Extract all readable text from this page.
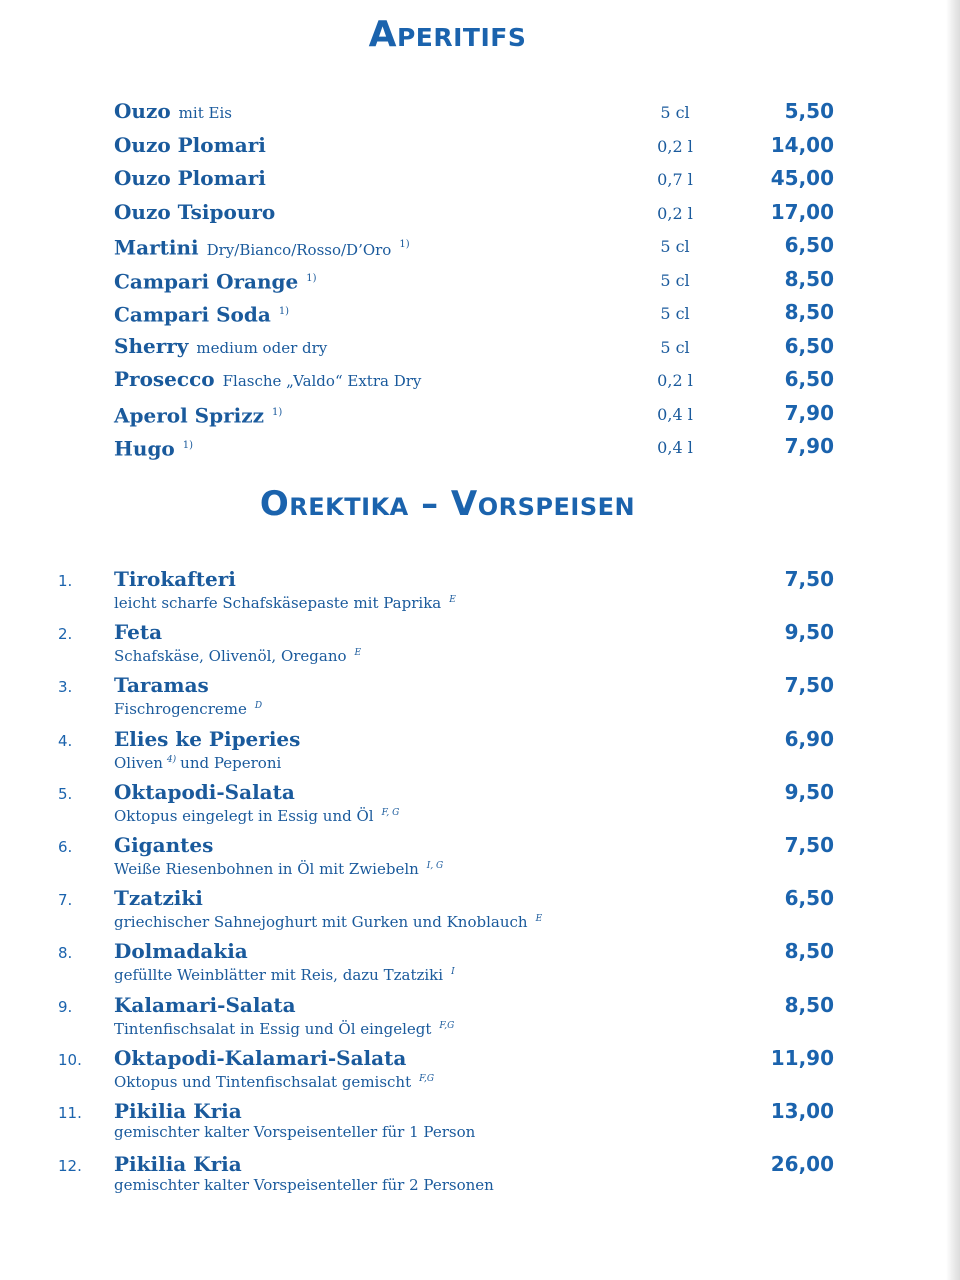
Aperitifs
Ouzo mit Eis	5 cl	5,50
Ouzo Plomari	0,2 l	14,00
Ouzo Plomari	0,7 l	45,00
Ouzo Tsipouro	0,2 l	17,00
Martini Dry/Bianco/Rosso/D’Oro $^{1)}$	5 cl	6,50
Campari Orange $^{1)}$	5 cl	8,50
Campari Soda $^{1)}$	5 cl	8,50
Sherry medium oder dry	5 cl	6,50
Prosecco Flasche „Valdo“ Extra Dry	0,2 l	6,50
Aperol Sprizz $^{1)}$	0,4 l	7,90
Hugo $^{1)}$	0,4 l	7,90
Orektika – Vorspeisen
1. Tirokafteri
leicht scharfe Schafskäsepaste mit Paprika $^E$
7,50
2. Feta
Schafskäse, Olivenöl, Oregano $^E$
9,50
3. Taramas
Fischrogencreme $^D$
7,50
4. Elies ke Piperies
Oliven $^{4)}$ und Peperoni
6,90
5. Oktapodi-Salata
Oktopus eingelegt in Essig und Öl $^{F, G}$
9,50
6. Gigantes
Weiße Riesenbohnen in Öl mit Zwiebeln $^{I, G}$
7,50
7. Tzatziki
griechischer Sahnejoghurt mit Gurken und Knoblauch $^E$
6,50
8. Dolmadakia
gefüllte Weinblätter mit Reis, dazu Tzatziki $^I$
8,50
9. Kalamari-Salata
Tintenfischsalat in Essig und Öl eingelegt $^{F,G}$
8,50
10. Oktapodi-Kalamari-Salata
Oktopus und Tintenfischsalat gemischt $^{F,G}$
11,90
11. Pikilia Kria
gemischter kalter Vorspeisenteller für 1 Person
13,00
12. Pikilia Kria
gemischter kalter Vorspeisenteller für 2 Personen
26,00
